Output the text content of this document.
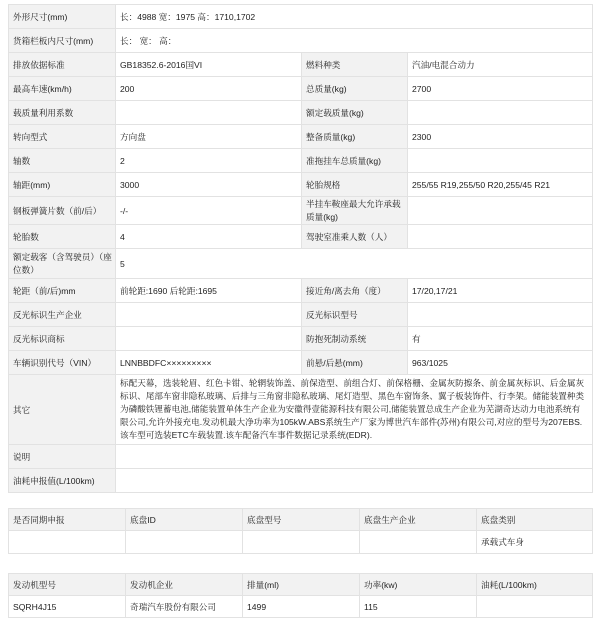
外形尺寸(mm)	长：4988 宽：1975 高：1710,1702		
货箱栏板内尺寸(mm)	长： 宽： 高：		
排放依据标准	GB18352.6-2016国VI	燃料种类	汽油/电混合动力
最高车速(km/h)	200	总质量(kg)	2700
载质量利用系数		额定载质量(kg)	
转向型式	方向盘	整备质量(kg)	2300
轴数	2	准拖挂车总质量(kg)	
轴距(mm)	3000	轮胎规格	255/55 R19,255/50 R20,255/45 R21
钢板弹簧片数（前/后）	-/-	半挂车鞍座最大允许承载质量(kg)	
轮胎数	4	驾驶室准乘人数（人）	
额定载客（含驾驶员）（座位数）	5		
轮距（前/后)mm	前轮距:1690 后轮距:1695	接近角/离去角（度）	17/20,17/21
反光标识生产企业		反光标识型号	
反光标识商标		防抱死制动系统	有
车辆识别代号（VIN）	LNNBBDFC×××××××××	前悬/后悬(mm)	963/1025
其它	标配天幕，选装轮眉、红色卡钳、轮辋装饰盖、前保造型、前组合灯、前保格栅、金属灰防擦条、前金属灰标识、后金属灰标识、尾部车窗非隐私玻璃、后排与三角窗非隐私玻璃、尾灯造型、黑色车窗饰条、翼子板装饰件、行李架。储能装置种类为磷酸铁锂蓄电池,储能装置单体生产企业为安徽得壹能源科技有限公司,储能装置总成生产企业为芜湖奇达动力电池系统有限公司,允许外接充电.发动机最大净功率为105kW.ABS系统生产厂家为博世汽车部件(苏州)有限公司,对应的型号为207EBS.该车型可选装ETC车载装置.该车配备汽车事件数据记录系统(EDR).		
说明			
油耗申报值(L/100km)			
是否同期申报	底盘ID	底盘型号	底盘生产企业	底盘类别
				承载式车身
发动机型号	发动机企业	排量(ml)	功率(kw)	油耗(L/100km)
SQRH4J15	奇瑞汽车股份有限公司	1499	115	
